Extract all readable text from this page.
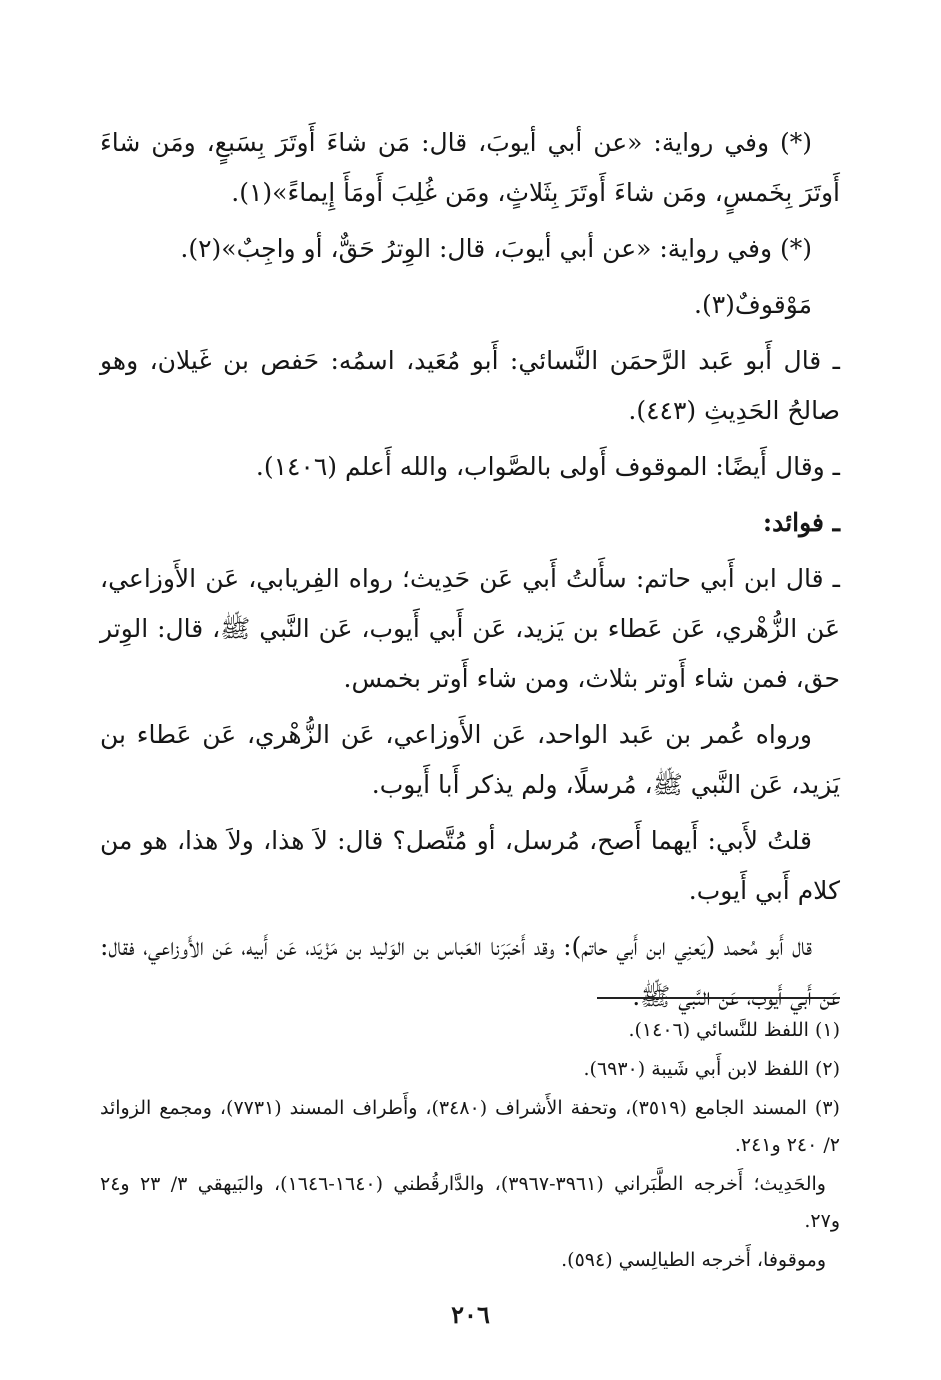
(*) وفي رواية: «عن أبي أيوبَ، قال: مَن شاءَ أَوتَرَ بِسَبعٍ، ومَن شاءَ أَوتَرَ بِخَمسٍ، ومَن شاءَ أَوتَرَ بِثَلاثٍ، ومَن غُلِبَ أَومَأَ إِيماءً»(١).

(*) وفي رواية: «عن أبي أيوبَ، قال: الوِترُ حَقٌّ، أو واجِبٌ»(٢).

مَوْقوفٌ(٣).

ـ قال أَبو عَبد الرَّحمَن النَّسائي: أَبو مُعَيد، اسمُه: حَفص بن غَيلان، وهو صالحُ الحَدِيثِ (٤٤٣).

ـ وقال أَيضًا: الموقوف أَولى بالصَّواب، والله أَعلم (١٤٠٦).

ـ فوائد:

ـ قال ابن أَبي حاتم: سأَلتُ أَبي عَن حَدِيث؛ رواه الفِريابي، عَن الأَوزاعي، عَن الزُّهْري، عَن عَطاء بن يَزيد، عَن أَبي أَيوب، عَن النَّبي ﷺ، قال: الوِتر حق، فمن شاء أَوتر بثلاث، ومن شاء أَوتر بخمس.

ورواه عُمر بن عَبد الواحد، عَن الأَوزاعي، عَن الزُّهْري، عَن عَطاء بن يَزيد، عَن النَّبي ﷺ، مُرسلًا، ولم يذكر أَبا أَيوب.

قلتُ لأَبي: أَيهما أَصح، مُرسل، أو مُتَّصل؟ قال: لاَ هذا، ولاَ هذا، هو من كلام أَبي أَيوب.

قال أَبو مُحمد (يَعنِي ابن أَبي حاتم): وقد أَخبَرَنا العَباس بن الوَليد بن مَزْيَد، عَن أَبيه، عَن الأَوزاعي، فقال: عَن أَبي أَيوب، عَن النَّبي ﷺ.

(١) اللفظ للنَّسائي (١٤٠٦).

(٢) اللفظ لابن أَبي شَيبة (٦٩٣٠).

(٣) المسند الجامع (٣٥١٩)، وتحفة الأَشراف (٣٤٨٠)، وأَطراف المسند (٧٧٣١)، ومجمع الزوائد ٢/ ٢٤٠ و٢٤١.

والحَدِيث؛ أَخرجه الطَّبَراني (٣٩٦١-٣٩٦٧)، والدَّارقُطني (١٦٤٠-١٦٤٦)، والبَيهقي ٣/ ٢٣ و٢٤ و٢٧.

وموقوفا، أَخرجه الطيالِسي (٥٩٤).

٢٠٦
